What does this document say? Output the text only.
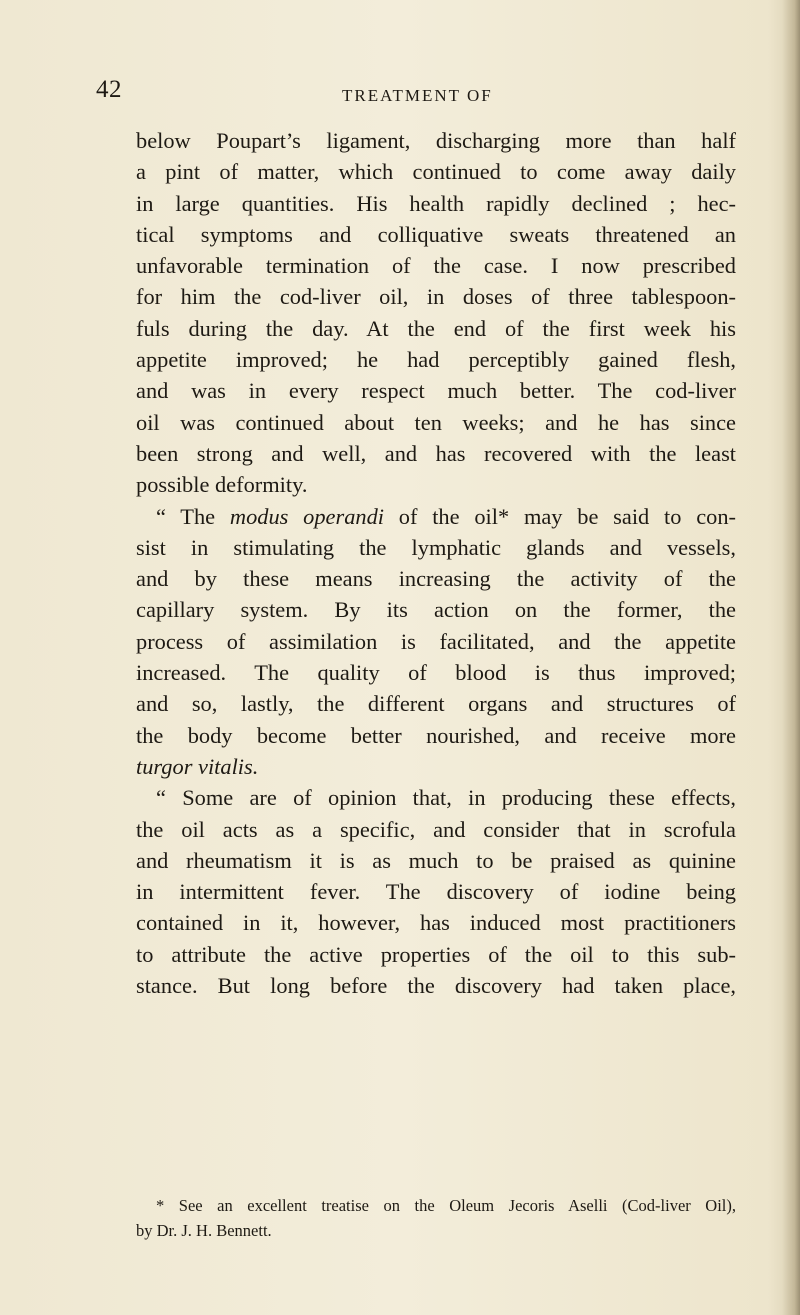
42	TREATMENT OF
below Poupart’s ligament, discharging more than half
a pint of matter, which continued to come away daily
in large quantities. His health rapidly declined ; hec-
tical symptoms and colliquative sweats threatened an
unfavorable termination of the case. I now prescribed
for him the cod-liver oil, in doses of three tablespoon-
fuls during the day. At the end of the first week his
appetite improved; he had perceptibly gained flesh,
and was in every respect much better. The cod-liver
oil was continued about ten weeks; and he has since
been strong and well, and has recovered with the least
possible deformity.
“ The modus operandi of the oil* may be said to con-
sist in stimulating the lymphatic glands and vessels,
and by these means increasing the activity of the
capillary system. By its action on the former, the
process of assimilation is facilitated, and the appetite
increased. The quality of blood is thus improved;
and so, lastly, the different organs and structures of
the body become better nourished, and receive more
turgor vitalis.
“ Some are of opinion that, in producing these effects,
the oil acts as a specific, and consider that in scrofula
and rheumatism it is as much to be praised as quinine
in intermittent fever. The discovery of iodine being
contained in it, however, has induced most practitioners
to attribute the active properties of the oil to this sub-
stance. But long before the discovery had taken place,
* See an excellent treatise on the Oleum Jecoris Aselli (Cod-liver Oil),
by Dr. J. H. Bennett.
